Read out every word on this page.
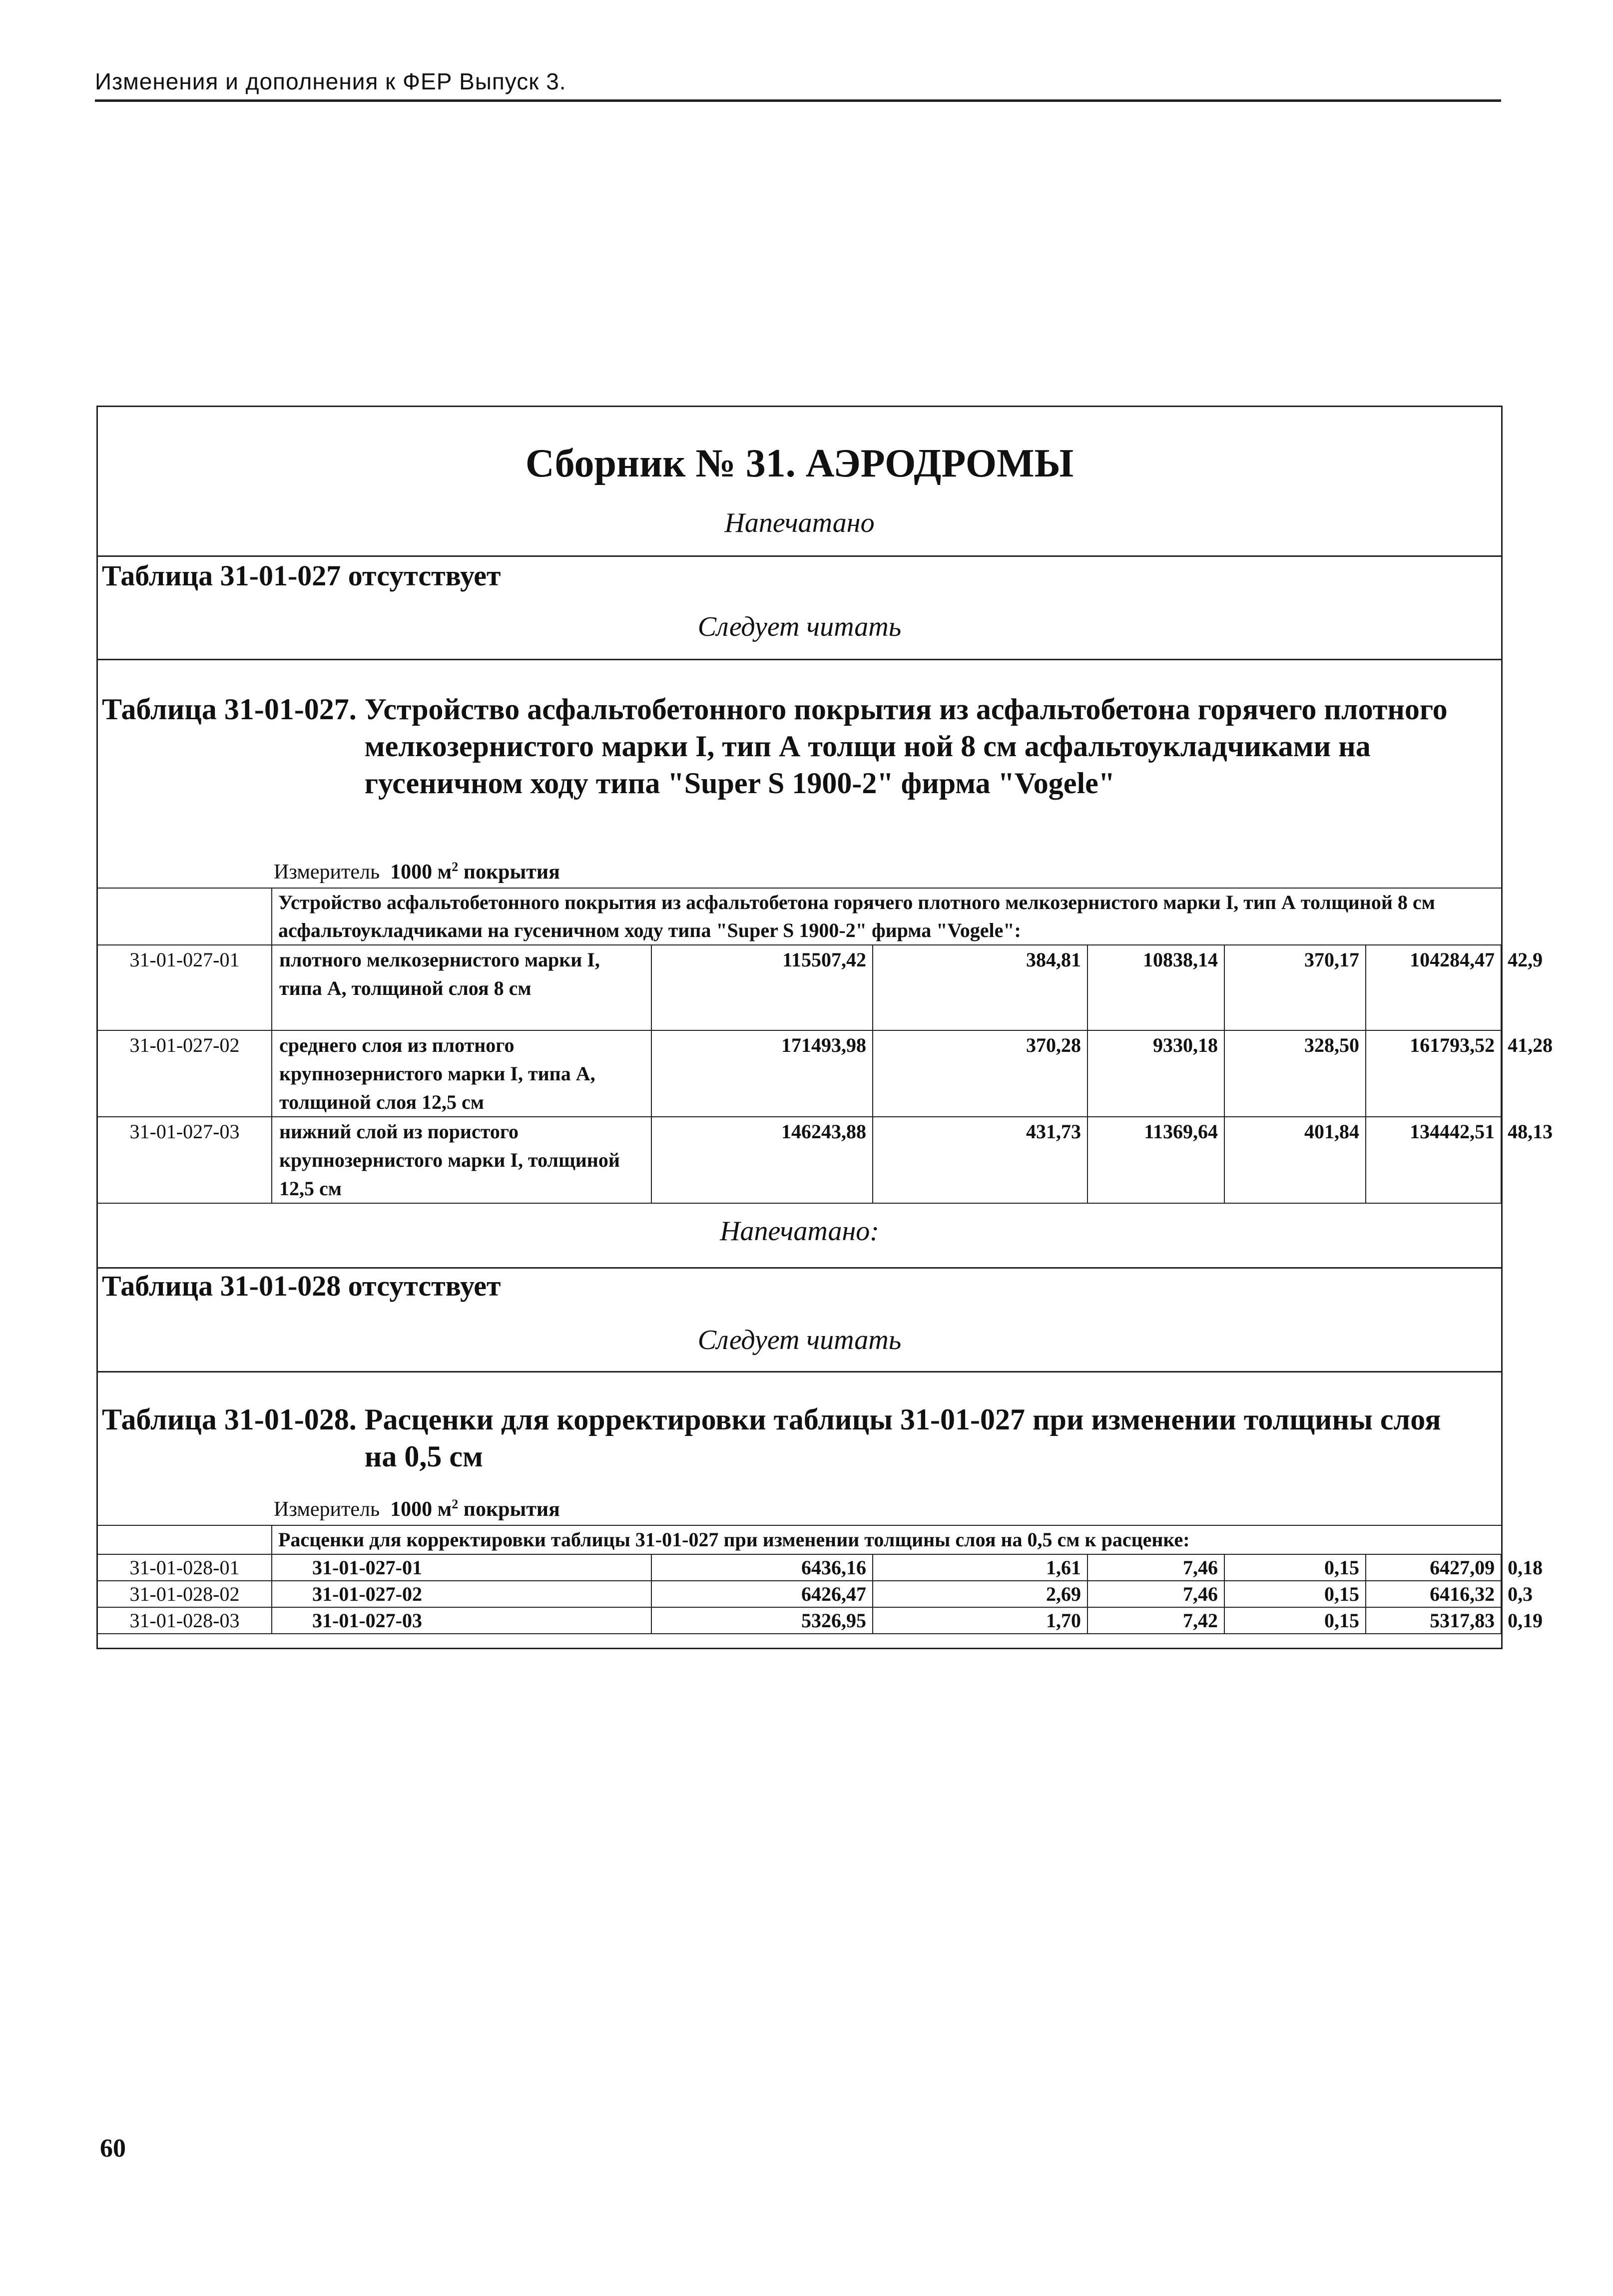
Изменения и дополнения к ФЕР Выпуск 3.
Сборник № 31. АЭРОДРОМЫ
Напечатано
Таблица 31-01-027 отсутствует
Следует читать
Таблица 31-01-027. Устройство асфальтобетонного покрытия из асфальтобетона горячего плотного мелкозернистого марки I, тип А толщи ной 8 см асфальтоукладчиками на гусеничном ходу типа "Super S 1900-2" фирма "Vogele"
Измеритель 1000 $м^2$ покрытия
	Устройство асфальтобетонного покрытия из асфальтобетона горячего плотного мелкозернистого марки I, тип А толщиной 8 см асфальтоукладчиками на гусеничном ходу типа "Super S 1900-2" фирма "Vogele":						
31-01-027-01	плотного мелкозернистого марки I, типа А, толщиной слоя 8 см	115507,42	384,81	10838,14	370,17	104284,47	42,9
31-01-027-02	среднего слоя из плотного крупнозернистого марки I, типа А, толщиной слоя 12,5 см	171493,98	370,28	9330,18	328,50	161793,52	41,28
31-01-027-03	нижний слой из пористого крупнозернистого марки I, толщиной 12,5 см	146243,88	431,73	11369,64	401,84	134442,51	48,13
Напечатано:
Таблица 31-01-028 отсутствует
Следует читать
Таблица 31-01-028. Расценки для корректировки таблицы 31-01-027 при изменении толщины слоя на 0,5 см
Измеритель 1000 $м^2$ покрытия
	Расценки для корректировки таблицы 31-01-027 при изменении толщины слоя на 0,5 см к расценке:						
31-01-028-01	31-01-027-01	6436,16	1,61	7,46	0,15	6427,09	0,18
31-01-028-02	31-01-027-02	6426,47	2,69	7,46	0,15	6416,32	0,3
31-01-028-03	31-01-027-03	5326,95	1,70	7,42	0,15	5317,83	0,19
60
